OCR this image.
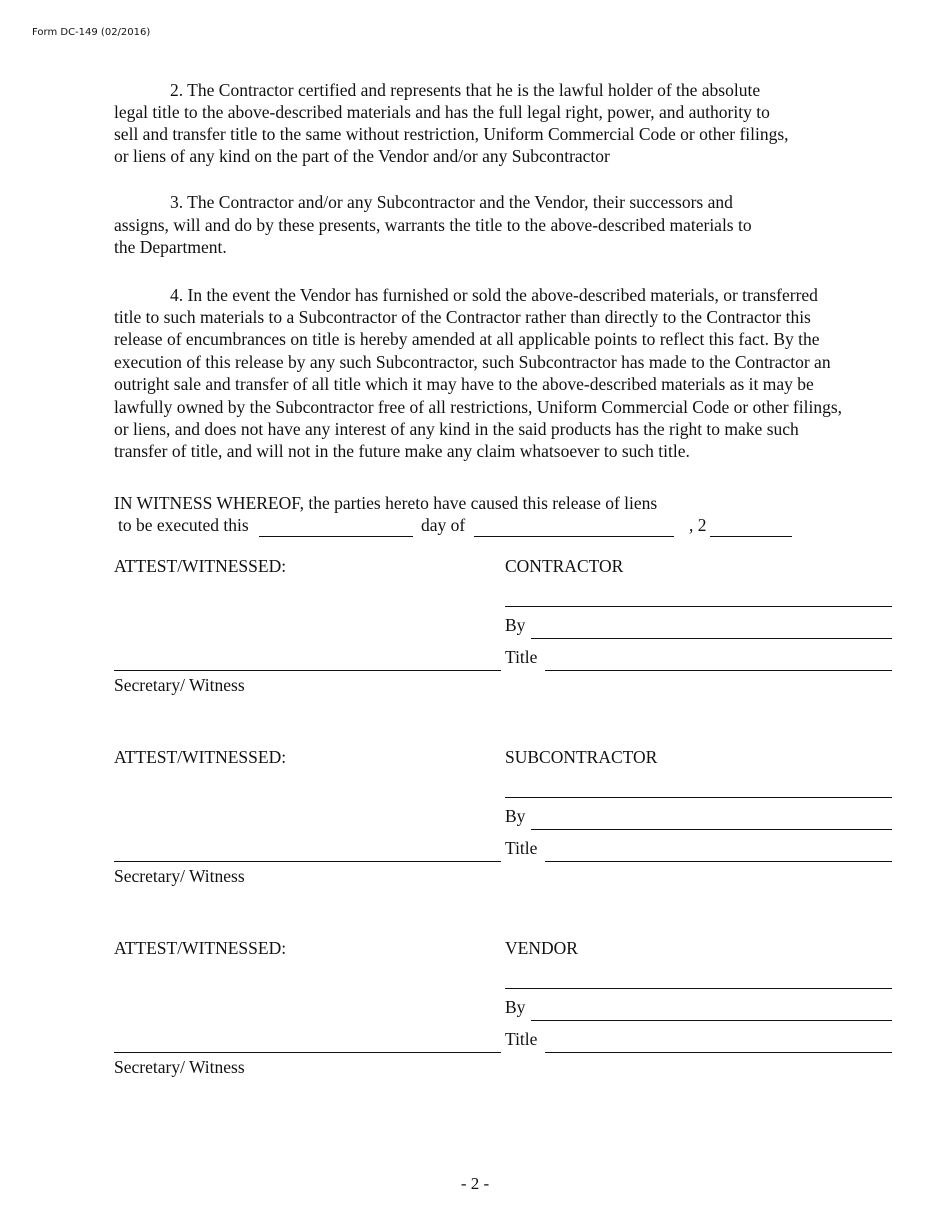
Form DC-149 (02/2016)
2. The Contractor certified and represents that he is the lawful holder of the absolute
legal title to the above-described materials and has the full legal right, power, and authority to
sell and transfer title to the same without restriction, Uniform Commercial Code or other filings,
or liens of any kind on the part of the Vendor and/or any Subcontractor
3. The Contractor and/or any Subcontractor and the Vendor, their successors and
assigns, will and do by these presents, warrants the title to the above-described materials to
the Department.
4. In the event the Vendor has furnished or sold the above-described materials, or transferred
title to such materials to a Subcontractor of the Contractor rather than directly to the Contractor this
release of encumbrances on title is hereby amended at all applicable points to reflect this fact. By the
execution of this release by any such Subcontractor, such Subcontractor has made to the Contractor an
outright sale and transfer of all title which it may have to the above-described materials as it may be
lawfully owned by the Subcontractor free of all restrictions, Uniform Commercial Code or other filings,
or liens, and does not have any interest of any kind in the said products has the right to make such
transfer of title, and will not in the future make any claim whatsoever to such title.
IN WITNESS WHEREOF, the parties hereto have caused this release of liens
to be executed this	day of	, 2
ATTEST/WITNESSED:	CONTRACTOR
By
Title
Secretary/ Witness
ATTEST/WITNESSED:	SUBCONTRACTOR
By
Title
Secretary/ Witness
ATTEST/WITNESSED:	VENDOR
By
Title
Secretary/ Witness
- 2 -
